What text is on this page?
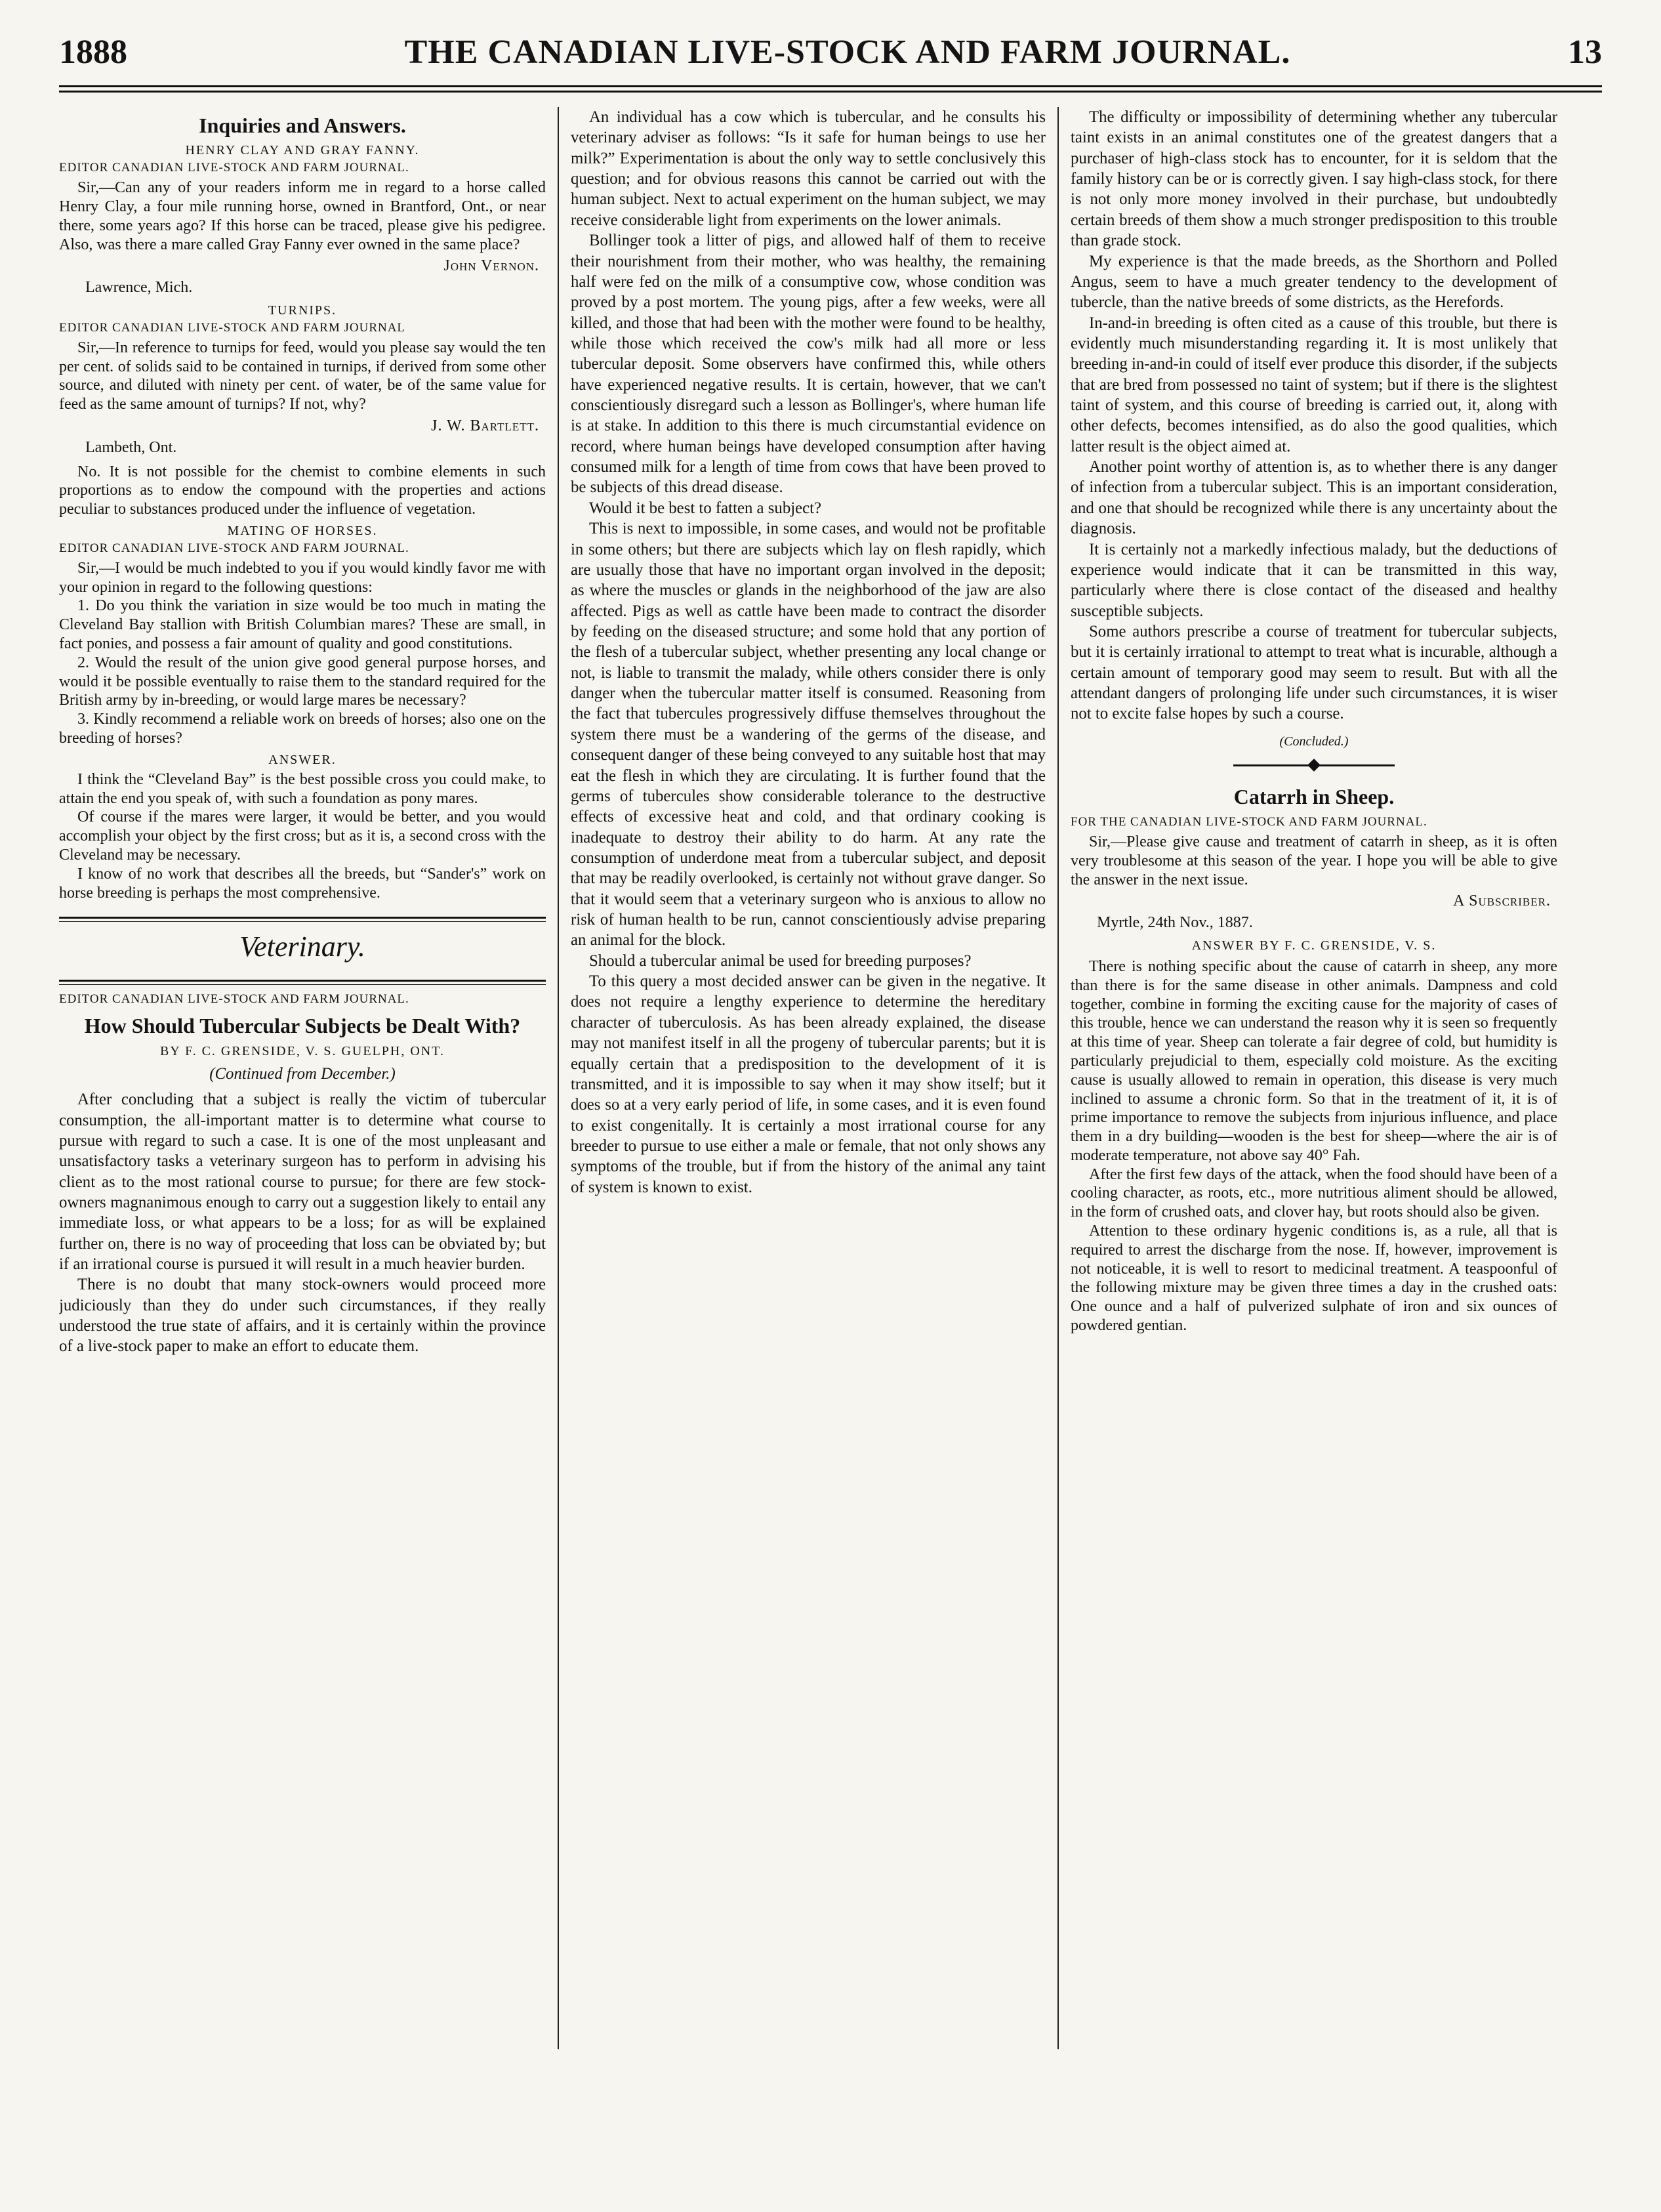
1888	THE CANADIAN LIVE-STOCK AND FARM JOURNAL.	13
Inquiries and Answers.
HENRY CLAY AND GRAY FANNY.
EDITOR CANADIAN LIVE-STOCK AND FARM JOURNAL.

Sir,—Can any of your readers inform me in regard to a horse called Henry Clay, a four mile running horse, owned in Brantford, Ont., or near there, some years ago? If this horse can be traced, please give his pedigree. Also, was there a mare called Gray Fanny ever owned in the same place?

John Vernon.
Lawrence, Mich.
TURNIPS.
EDITOR CANADIAN LIVE-STOCK AND FARM JOURNAL

Sir,—In reference to turnips for feed, would you please say would the ten per cent. of solids said to be contained in turnips, if derived from some other source, and diluted with ninety per cent. of water, be of the same value for feed as the same amount of turnips? If not, why?

J. W. Bartlett.
Lambeth, Ont.

No. It is not possible for the chemist to combine elements in such proportions as to endow the compound with the properties and actions peculiar to substances produced under the influence of vegetation.

MATING OF HORSES.
EDITOR CANADIAN LIVE-STOCK AND FARM JOURNAL.

Sir,—I would be much indebted to you if you would kindly favor me with your opinion in regard to the following questions:

1. Do you think the variation in size would be too much in mating the Cleveland Bay stallion with British Columbian mares? These are small, in fact ponies, and possess a fair amount of quality and good constitutions.

2. Would the result of the union give good general purpose horses, and would it be possible eventually to raise them to the standard required for the British army by in-breeding, or would large mares be necessary?

3. Kindly recommend a reliable work on breeds of horses; also one on the breeding of horses?

ANSWER.

I think the “Cleveland Bay” is the best possible cross you could make, to attain the end you speak of, with such a foundation as pony mares.

Of course if the mares were larger, it would be better, and you would accomplish your object by the first cross; but as it is, a second cross with the Cleveland may be necessary.

I know of no work that describes all the breeds, but “Sander's” work on horse breeding is perhaps the most comprehensive.

Veterinary.
EDITOR CANADIAN LIVE-STOCK AND FARM JOURNAL.
How Should Tubercular Subjects be Dealt With?
BY F. C. GRENSIDE, V. S. GUELPH, ONT.
(Continued from December.)

After concluding that a subject is really the victim of tubercular consumption, the all-important matter is to determine what course to pursue with regard to such a case. It is one of the most unpleasant and unsatisfactory tasks a veterinary surgeon has to perform in advising his client as to the most rational course to pursue; for there are few stock-owners magnanimous enough to carry out a suggestion likely to entail any immediate loss, or what appears to be a loss; for as will be explained further on, there is no way of proceeding that loss can be obviated by; but if an irrational course is pursued it will result in a much heavier burden.

There is no doubt that many stock-owners would proceed more judiciously than they do under such circumstances, if they really understood the true state of affairs, and it is certainly within the province of a live-stock paper to make an effort to educate them.

An individual has a cow which is tubercular, and he consults his veterinary adviser as follows: “Is it safe for human beings to use her milk?” Experimentation is about the only way to settle conclusively this question; and for obvious reasons this cannot be carried out with the human subject. Next to actual experiment on the human subject, we may receive considerable light from experiments on the lower animals.

Bollinger took a litter of pigs, and allowed half of them to receive their nourishment from their mother, who was healthy, the remaining half were fed on the milk of a consumptive cow, whose condition was proved by a post mortem. The young pigs, after a few weeks, were all killed, and those that had been with the mother were found to be healthy, while those which received the cow's milk had all more or less tubercular deposit. Some observers have confirmed this, while others have experienced negative results. It is certain, however, that we can't conscientiously disregard such a lesson as Bollinger's, where human life is at stake. In addition to this there is much circumstantial evidence on record, where human beings have developed consumption after having consumed milk for a length of time from cows that have been proved to be subjects of this dread disease.

Would it be best to fatten a subject?

This is next to impossible, in some cases, and would not be profitable in some others; but there are subjects which lay on flesh rapidly, which are usually those that have no important organ involved in the deposit; as where the muscles or glands in the neighborhood of the jaw are also affected. Pigs as well as cattle have been made to contract the disorder by feeding on the diseased structure; and some hold that any portion of the flesh of a tubercular subject, whether presenting any local change or not, is liable to transmit the malady, while others consider there is only danger when the tubercular matter itself is consumed. Reasoning from the fact that tubercules progressively diffuse themselves throughout the system there must be a wandering of the germs of the disease, and consequent danger of these being conveyed to any suitable host that may eat the flesh in which they are circulating. It is further found that the germs of tubercules show considerable tolerance to the destructive effects of excessive heat and cold, and that ordinary cooking is inadequate to destroy their ability to do harm. At any rate the consumption of underdone meat from a tubercular subject, and deposit that may be readily overlooked, is certainly not without grave danger. So that it would seem that a veterinary surgeon who is anxious to allow no risk of human health to be run, cannot conscientiously advise preparing an animal for the block.

Should a tubercular animal be used for breeding purposes?

To this query a most decided answer can be given in the negative. It does not require a lengthy experience to determine the hereditary character of tuberculosis. As has been already explained, the disease may not manifest itself in all the progeny of tubercular parents; but it is equally certain that a predisposition to the development of it is transmitted, and it is impossible to say when it may show itself; but it does so at a very early period of life, in some cases, and it is even found to exist congenitally. It is certainly a most irrational course for any breeder to pursue to use either a male or female, that not only shows any symptoms of the trouble, but if from the history of the animal any taint of system is known to exist.

The difficulty or impossibility of determining whether any tubercular taint exists in an animal constitutes one of the greatest dangers that a purchaser of high-class stock has to encounter, for it is seldom that the family history can be or is correctly given. I say high-class stock, for there is not only more money involved in their purchase, but undoubtedly certain breeds of them show a much stronger predisposition to this trouble than grade stock.

My experience is that the made breeds, as the Shorthorn and Polled Angus, seem to have a much greater tendency to the development of tubercle, than the native breeds of some districts, as the Herefords.

In-and-in breeding is often cited as a cause of this trouble, but there is evidently much misunderstanding regarding it. It is most unlikely that breeding in-and-in could of itself ever produce this disorder, if the subjects that are bred from possessed no taint of system; but if there is the slightest taint of system, and this course of breeding is carried out, it, along with other defects, becomes intensified, as do also the good qualities, which latter result is the object aimed at.

Another point worthy of attention is, as to whether there is any danger of infection from a tubercular subject. This is an important consideration, and one that should be recognized while there is any uncertainty about the diagnosis.

It is certainly not a markedly infectious malady, but the deductions of experience would indicate that it can be transmitted in this way, particularly where there is close contact of the diseased and healthy susceptible subjects.

Some authors prescribe a course of treatment for tubercular subjects, but it is certainly irrational to attempt to treat what is incurable, although a certain amount of temporary good may seem to result. But with all the attendant dangers of prolonging life under such circumstances, it is wiser not to excite false hopes by such a course.

(Concluded.)
Catarrh in Sheep.
FOR THE CANADIAN LIVE-STOCK AND FARM JOURNAL.

Sir,—Please give cause and treatment of catarrh in sheep, as it is often very troublesome at this season of the year. I hope you will be able to give the answer in the next issue.

A Subscriber.
Myrtle, 24th Nov., 1887.
ANSWER BY F. C. GRENSIDE, V. S.

There is nothing specific about the cause of catarrh in sheep, any more than there is for the same disease in other animals. Dampness and cold together, combine in forming the exciting cause for the majority of cases of this trouble, hence we can understand the reason why it is seen so frequently at this time of year. Sheep can tolerate a fair degree of cold, but humidity is particularly prejudicial to them, especially cold moisture. As the exciting cause is usually allowed to remain in operation, this disease is very much inclined to assume a chronic form. So that in the treatment of it, it is of prime importance to remove the subjects from injurious influence, and place them in a dry building—wooden is the best for sheep—where the air is of moderate temperature, not above say 40° Fah.

After the first few days of the attack, when the food should have been of a cooling character, as roots, etc., more nutritious aliment should be allowed, in the form of crushed oats, and clover hay, but roots should also be given.

Attention to these ordinary hygenic conditions is, as a rule, all that is required to arrest the discharge from the nose. If, however, improvement is not noticeable, it is well to resort to medicinal treatment. A teaspoonful of the following mixture may be given three times a day in the crushed oats: One ounce and a half of pulverized sulphate of iron and six ounces of powdered gentian.
